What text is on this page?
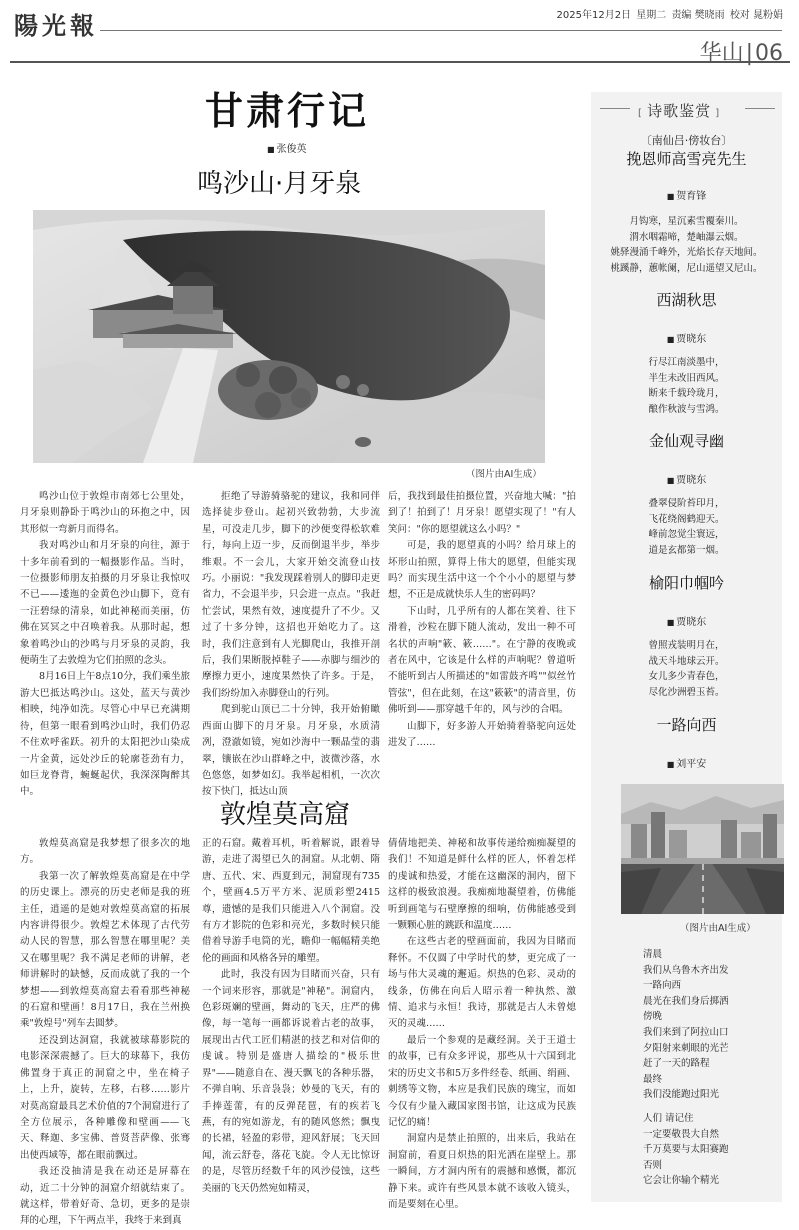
陽光報	2025年12月2日 星期二 责编 樊晓雨 校对 晁粉娟
华山|06
甘肃行记
■ 张俊英
鸣沙山·月牙泉
（图片由AI生成）

鸣沙山位于敦煌市南郊七公里处，月牙泉则静卧于鸣沙山的环抱之中，因其形似一弯新月而得名。

我对鸣沙山和月牙泉的向往，源于十多年前看到的一幅摄影作品。当时，一位摄影师朋友拍摄的月牙泉让我惊叹不已——逶迤的金黄色沙山脚下，竟有一汪碧绿的清泉，如此神秘而美丽，仿佛在冥冥之中召唤着我。从那时起，想象着鸣沙山的沙鸣与月牙泉的灵韵，我便萌生了去敦煌为它们拍照的念头。

8月16日上午8点10分，我们乘坐旅游大巴抵达鸣沙山。这处，蓝天与黄沙相映，纯净如洗。尽管心中早已充满期待，但第一眼看到鸣沙山时，我们仍忍不住欢呼雀跃。初升的太阳把沙山染成一片金黄，远处沙丘的轮廓苍劲有力，如巨龙脊背，蜿蜒起伏，我深深陶醉其中。

拒绝了导游骑骆驼的建议，我和同伴选择徒步登山。起初兴致勃勃，大步流星，可没走几步，脚下的沙便变得松软难行，每向上迈一步，反而倒退半步，举步维艰。不一会儿，大家开始交流登山技巧。小丽说："我发现踩着别人的脚印走更省力，不会退半步，只会进一点点。"我赶忙尝试，果然有效，速度提升了不少。又过了十多分钟，这招也开始吃力了。这时，我们注意到有人光脚爬山，我推开剖后，我们果断脱掉鞋子——赤脚与细沙的摩擦力更小，速度果然快了许多。于是，我们纷纷加入赤脚登山的行列。

爬到驼山顶已二十分钟，我开始俯瞰西面山脚下的月牙泉。月牙泉，水质清冽，澄澈如镜，宛如沙海中一颗晶莹的翡翠，镶嵌在沙山群峰之中，波微沙落，水色悠悠，如梦如幻。我举起相机，一次次按下快门，抵达山顶

后，我找到最佳拍摄位置，兴奋地大喊："拍到了！拍到了！月牙泉！愿望实现了！"有人笑问："你的愿望就这么小吗？"

可是，我的愿望真的小吗？给月球上的坏形山拍照，算得上伟大的愿望，但能实现吗？而实现生活中这一个个小小的愿望与梦想，不正是成就快乐人生的密码吗？

下山时，几乎所有的人都在笑着、往下滑着，沙粒在脚下随人流动，发出一种不可名状的声响"簌、簌……"。在宁静的夜晚或者在风中，它该是什么样的声响呢？曾道听不能听到古人所描述的"如雷鼓齐鸣""似丝竹管弦"，但在此刻，在这"簌簌"的清音里，仿佛听到——那穿越千年的，风与沙的合唱。

山脚下，好多游人开始骑着骆驼向远处进发了……

敦煌莫高窟

敦煌莫高窟是我梦想了很多次的地方。

我第一次了解敦煌莫高窟是在中学的历史课上。漂亮的历史老师是我的班主任，逍遥的是她对敦煌莫高窟的拓展内容讲得很少。敦煌艺术体现了古代劳动人民的智慧，那么智慧在哪里呢？美又在哪里呢？我不满足老师的讲解，老师讲解时的缺憾，反而成就了我的一个梦想——到敦煌莫高窟去看看那些神秘的石窟和壁画！8月17日，我在兰州换乘"敦煌号"列车去圆梦。

还没到达洞窟，我就被球幕影院的电影深深震撼了。巨大的球幕下，我仿佛置身于真正的洞窟之中，坐在椅子上，上升，旋转，左移，右移……影片对莫高窟最具艺术价值的7个洞窟进行了全方位展示，各种雕像和壁画——飞天、释迦、多宝佛、普贤菩萨像、张骞出使西域等，都在眼前飘过。

我还没抽清是我在动还是屏幕在动，近二十分钟的洞窟介绍就结束了。就这样，带着好奇、急切，更多的是崇拜的心理，下午两点半，我终于来到真

正的石窟。戴着耳机，听着解说，跟着导游，走进了渴望已久的洞窟。从北朝、隋唐、五代、宋、西夏到元，洞窟现有735个，壁画4.5万平方米、泥质彩塑2415尊，遗憾的是我们只能进入八个洞窟。没有方才影院的色彩和亮光，多数时候只能借着导游手电筒的光，瞻仰一幅幅精美绝伦的画面和风格各异的雕塑。

此时，我没有因为目睹而兴奋，只有一个词来形容，那就是"神秘"。洞窟内，色彩斑斓的壁画，舞动的飞天，庄严的佛像，每一笔每一画都诉说着古老的故事，展现出古代工匠们精湛的技艺和对信仰的虔诚。特别是盛唐人描绘的"极乐世界"——随意自在、漫天飘飞的各种乐器，不弹自响、乐音袅袅；妙曼的飞天，有的手捧莲蕾，有的反弹琵琶，有的疾若飞燕，有的宛如游龙，有的随风悠然；飘曳的长裙，轻盈的彩带，迎风舒展；飞天回闻，流云舒卷，落花飞旋。令人无比惊讶的是，尽管历经数千年的风沙侵蚀，这些美丽的飞天仍然宛如精灵，

倩倩地把美、神秘和故事传递给痴痴凝望的我们！不知道是鲜什么样的匠人，怀着怎样的虔诚和热爱，才能在这幽深的洞内，留下这样的极致浪漫。我痴痴地凝望着，仿佛能听到画笔与石壁摩擦的细响，仿佛能感受到一颗颗心脏的跳跃和温度……

在这些古老的壁画面前，我因为目睹而释怀。不仅圆了中学时代的梦，更完成了一场与伟大灵魂的邂逅。炽热的色彩、灵动的线条，仿佛在向后人昭示着一种执然、激情、追求与永恒！我诗，那就是古人未曾熄灭的灵魂……

最后一个参观的是藏经洞。关于王道士的故事，已有众多评说，那些从十六国到北宋的历史文书和5万多件经卷、纸画、绢画、刺绣等文物，本应是我们民族的瑰宝，而如今仅有少量入藏国家图书馆，让这成为民族记忆的痛！

洞窟内是禁止拍照的，出来后，我站在洞窟前，看夏日炽热的阳光洒在崖壁上。那一瞬间，方才洞内所有的震撼和感慨，都沉静下来。或许有些风景本就不该收入镜头，而是要刻在心里。

[ 诗歌鉴赏 ]
〔南仙吕·傍妆台〕
挽恩师高雪亮先生
■ 贺育锋
月钩寒，星沉素雪覆秦川。
渭水咽霜啼，楚岫瀑云烟。
姚驿漫涌千峰外，光焰长存天地间。
桃蹊静，蕙帐阑，尼山遥望又尼山。
西湖秋思
■ 贾晓东
行尽江南淡墨中，
半生未改旧西风。
断来千载玲珑月，
酿作秋波与雪鸿。
金仙观寻幽
■ 贾晓东
叠翠侵阶苔印月，
飞花绕阁鹤迎天。
峰前忽觉尘寰远，
道是玄都第一烟。
榆阳巾帼吟
■ 贾晓东
曾照戎装明月在，
战天斗地球云开。
女儿多少青春色，
尽化沙洲碧玉苔。
一路向西
■ 刘平安
（图片由AI生成）
清晨
我们从乌鲁木齐出发
一路向西
晨光在我们身后掷洒
傍晚
我们来到了阿拉山口
夕阳射来刺眼的光芒
赶了一天的路程
最终
我们没能跑过阳光
人们 请记住
一定要敬畏大自然
千万莫要与太阳赛跑
否则
它会让你输个精光
